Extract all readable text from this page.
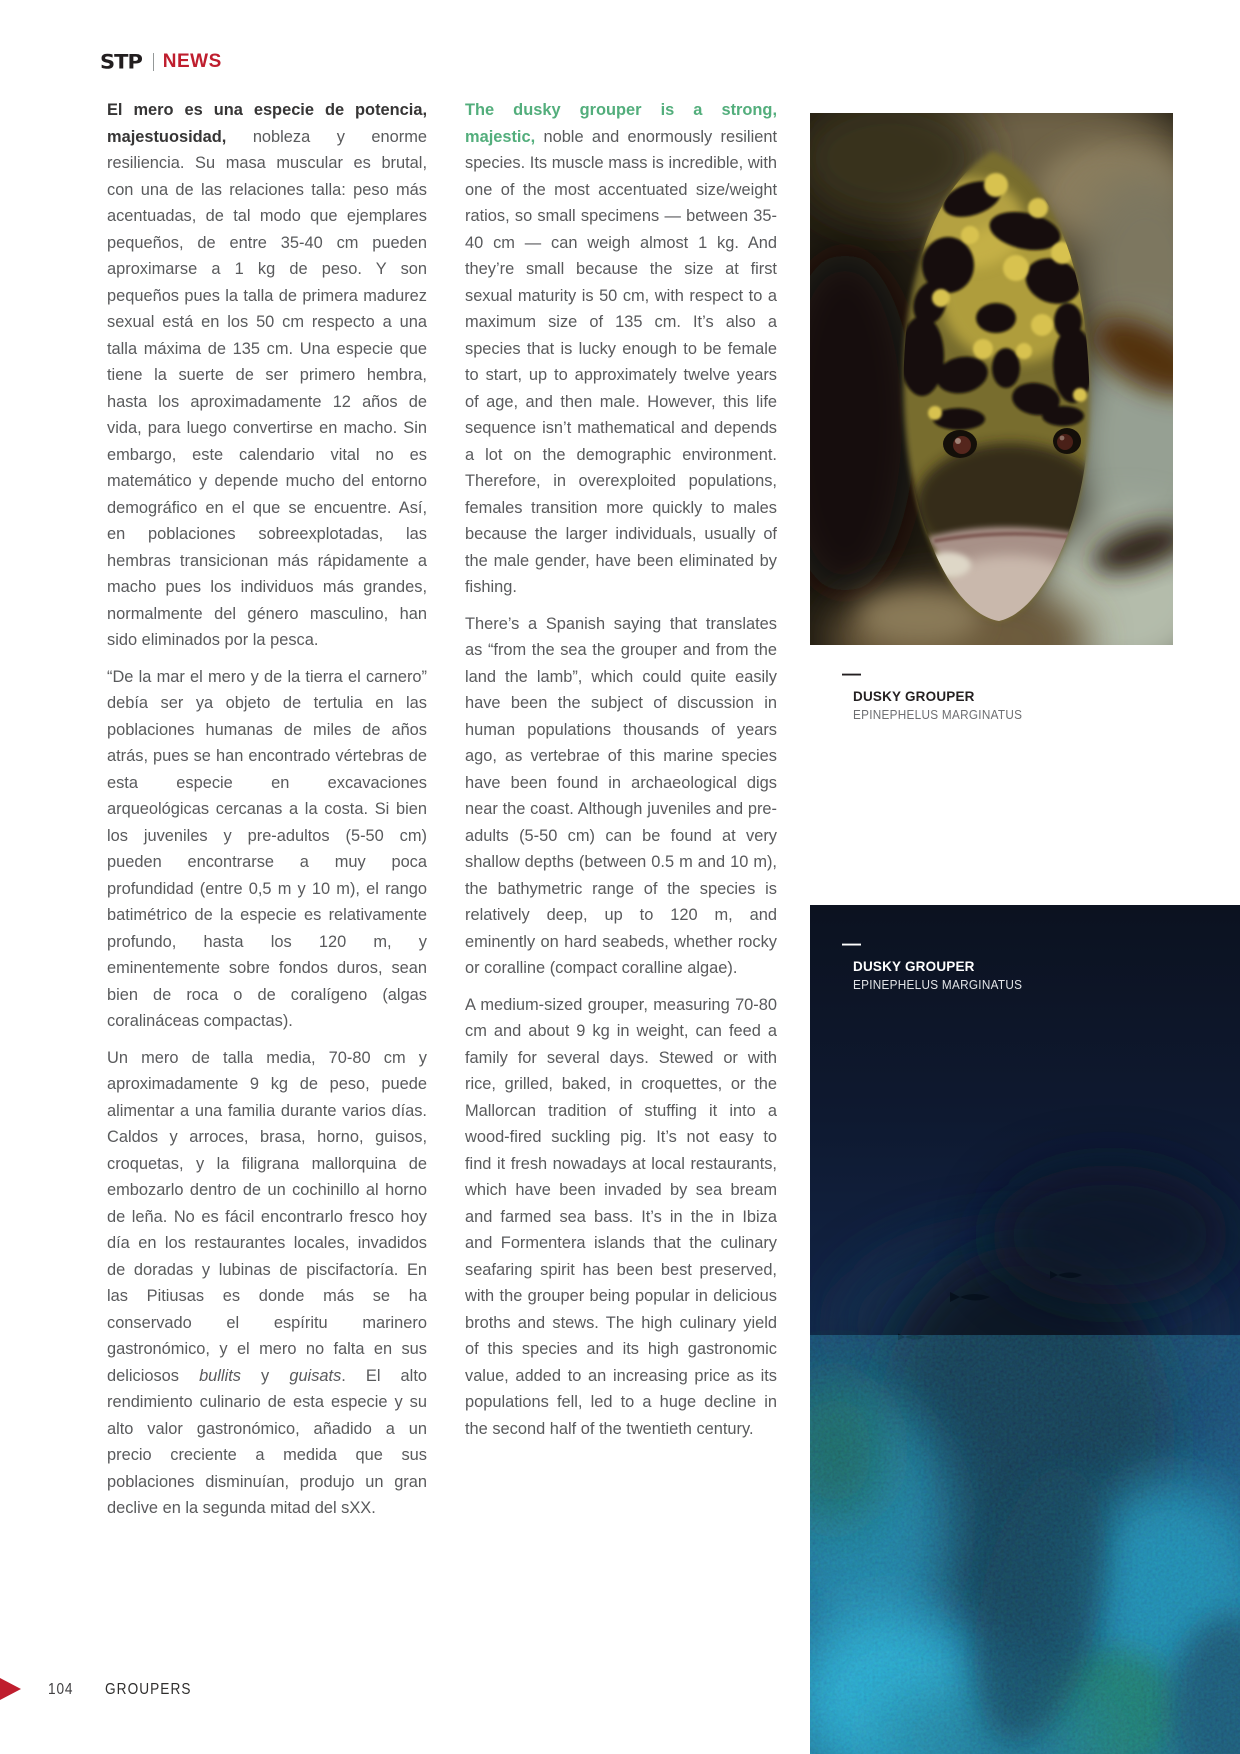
STP | NEWS

El mero es una especie de potencia, majestuosidad, nobleza y enorme resiliencia. Su masa muscular es brutal, con una de las relaciones talla: peso más acentuadas, de tal modo que ejemplares pequeños, de entre 35-40 cm pueden aproximarse a 1 kg de peso. Y son pequeños pues la talla de primera madurez sexual está en los 50 cm respecto a una talla máxima de 135 cm. Una especie que tiene la suerte de ser primero hembra, hasta los aproximadamente 12 años de vida, para luego convertirse en macho. Sin embargo, este calendario vital no es matemático y depende mucho del entorno demográfico en el que se encuentre. Así, en poblaciones sobreexplotadas, las hembras transicionan más rápidamente a macho pues los individuos más grandes, normalmente del género masculino, han sido eliminados por la pesca.

“De la mar el mero y de la tierra el carnero” debía ser ya objeto de tertulia en las poblaciones humanas de miles de años atrás, pues se han encontrado vértebras de esta especie en excavaciones arqueológicas cercanas a la costa. Si bien los juveniles y pre-adultos (5-50 cm) pueden encontrarse a muy poca profundidad (entre 0,5 m y 10 m), el rango batimétrico de la especie es relativamente profundo, hasta los 120 m, y eminentemente sobre fondos duros, sean bien de roca o de coralígeno (algas coralináceas compactas).

Un mero de talla media, 70-80 cm y aproximadamente 9 kg de peso, puede alimentar a una familia durante varios días. Caldos y arroces, brasa, horno, guisos, croquetas, y la filigrana mallorquina de embozarlo dentro de un cochinillo al horno de leña. No es fácil encontrarlo fresco hoy día en los restaurantes locales, invadidos de doradas y lubinas de piscifactoría. En las Pitiusas es donde más se ha conservado el espíritu marinero gastronómico, y el mero no falta en sus deliciosos bullits y guisats. El alto rendimiento culinario de esta especie y su alto valor gastronómico, añadido a un precio creciente a medida que sus poblaciones disminuían, produjo un gran declive en la segunda mitad del sXX.

The dusky grouper is a strong, majestic, noble and enormously resilient species. Its muscle mass is incredible, with one of the most accentuated size/weight ratios, so small specimens — between 35-40 cm — can weigh almost 1 kg. And they’re small because the size at first sexual maturity is 50 cm, with respect to a maximum size of 135 cm. It’s also a species that is lucky enough to be female to start, up to approximately twelve years of age, and then male. However, this life sequence isn’t mathematical and depends a lot on the demographic environment. Therefore, in overexploited populations, females transition more quickly to males because the larger individuals, usually of the male gender, have been eliminated by fishing.

There’s a Spanish saying that translates as “from the sea the grouper and from the land the lamb”, which could quite easily have been the subject of discussion in human populations thousands of years ago, as vertebrae of this marine species have been found in archaeological digs near the coast. Although juveniles and pre-adults (5-50 cm) can be found at very shallow depths (between 0.5 m and 10 m), the bathymetric range of the species is relatively deep, up to 120 m, and eminently on hard seabeds, whether rocky or coralline (compact coralline algae).

A medium-sized grouper, measuring 70-80 cm and about 9 kg in weight, can feed a family for several days. Stewed or with rice, grilled, baked, in croquettes, or the Mallorcan tradition of stuffing it into a wood-fired suckling pig. It’s not easy to find it fresh nowadays at local restaurants, which have been invaded by sea bream and farmed sea bass. It’s in the in Ibiza and Formentera islands that the culinary seafaring spirit has been best preserved, with the grouper being popular in delicious broths and stews. The high culinary yield of this species and its high gastronomic value, added to an increasing price as its populations fell, led to a huge decline in the second half of the twentieth century.

—
DUSKY GROUPER
EPINEPHELUS MARGINATUS
—
DUSKY GROUPER
EPINEPHELUS MARGINATUS
104 GROUPERS
